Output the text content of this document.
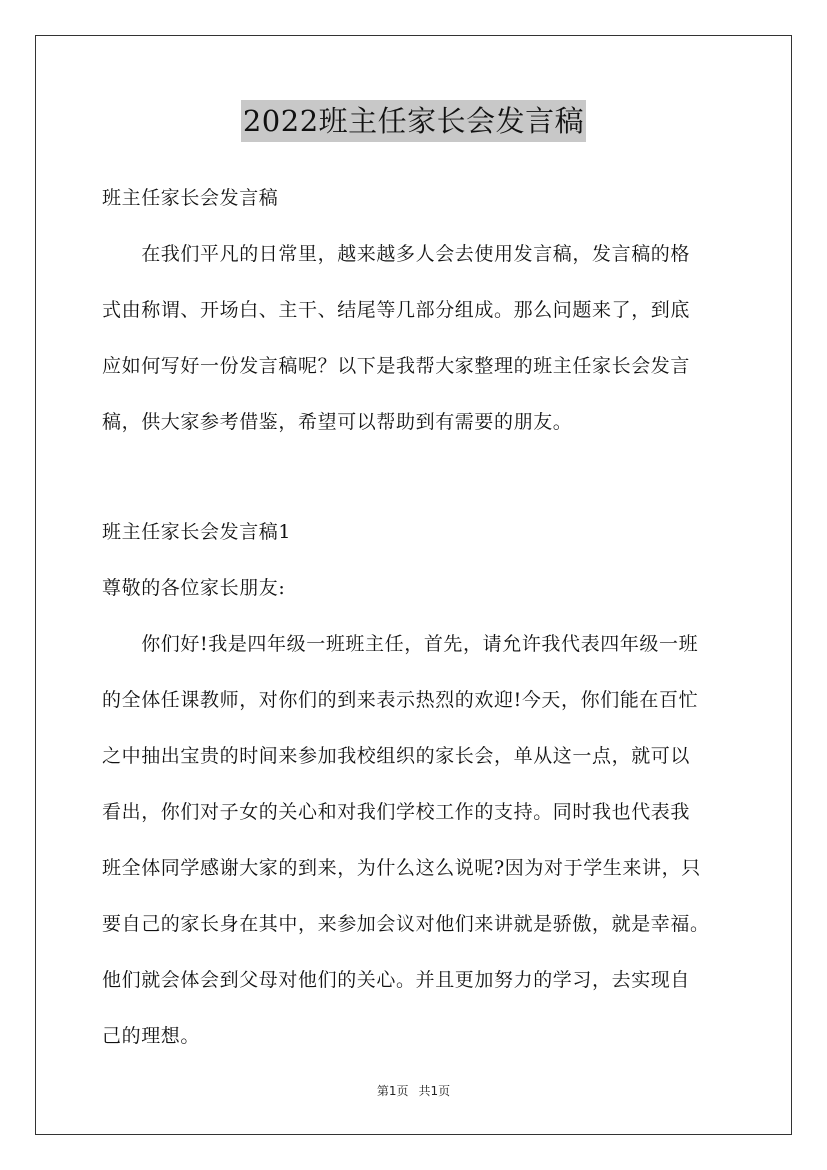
2022班主任家长会发言稿
班主任家长会发言稿
　　在我们平凡的日常里，越来越多人会去使用发言稿，发言稿的格
式由称谓、开场白、主干、结尾等几部分组成。那么问题来了，到底
应如何写好一份发言稿呢？以下是我帮大家整理的班主任家长会发言
稿，供大家参考借鉴，希望可以帮助到有需要的朋友。
班主任家长会发言稿1
尊敬的各位家长朋友:
　　你们好!我是四年级一班班主任，首先，请允许我代表四年级一班
的全体任课教师，对你们的到来表示热烈的欢迎!今天，你们能在百忙
之中抽出宝贵的时间来参加我校组织的家长会，单从这一点，就可以
看出，你们对子女的关心和对我们学校工作的支持。同时我也代表我
班全体同学感谢大家的到来，为什么这么说呢?因为对于学生来讲，只
要自己的家长身在其中，来参加会议对他们来讲就是骄傲，就是幸福。
他们就会体会到父母对他们的关心。并且更加努力的学习，去实现自
己的理想。
第1页 共1页
